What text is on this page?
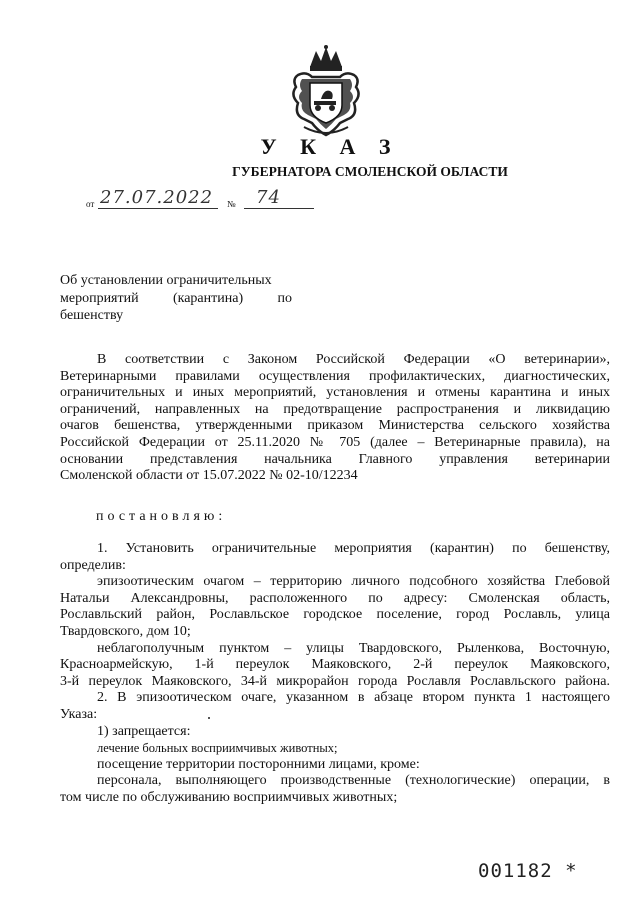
У К А З
ГУБЕРНАТОРА СМОЛЕНСКОЙ ОБЛАСТИ
от 27.07.2022 № 74
Об установлении ограничительных
мероприятий (карантина) по
бешенству

В соответствии с Законом Российской Федерации «О ветеринарии»,

Ветеринарными правилами осуществления профилактических, диагностических,

ограничительных и иных мероприятий, установления и отмены карантина и иных

ограничений, направленных на предотвращение распространения и ликвидацию

очагов бешенства, утвержденными приказом Министерства сельского хозяйства

Российской Федерации от 25.11.2020 № 705 (далее – Ветеринарные правила), на

основании представления начальника Главного управления ветеринарии

Смоленской области от 15.07.2022 № 02-10/12234

постановляю:

1. Установить ограничительные мероприятия (карантин) по бешенству,

определив:

эпизоотическим очагом – территорию личного подсобного хозяйства Глебовой

Натальи Александровны, расположенного по адресу: Смоленская область,

Рославльский район, Рославльское городское поселение, город Рославль, улица

Твардовского, дом 10;

неблагополучным пунктом – улицы Твардовского, Рыленкова, Восточную,

Красноармейскую, 1-й переулок Маяковского, 2-й переулок Маяковского,

3-й переулок Маяковского, 34-й микрорайон города Рославля Рославльского района.

2. В эпизоотическом очаге, указанном в абзаце втором пункта 1 настоящего

Указа:

1) запрещается:

лечение больных восприимчивых животных;

посещение территории посторонними лицами, кроме:

персонала, выполняющего производственные (технологические) операции, в

том числе по обслуживанию восприимчивых животных;

001182 *
